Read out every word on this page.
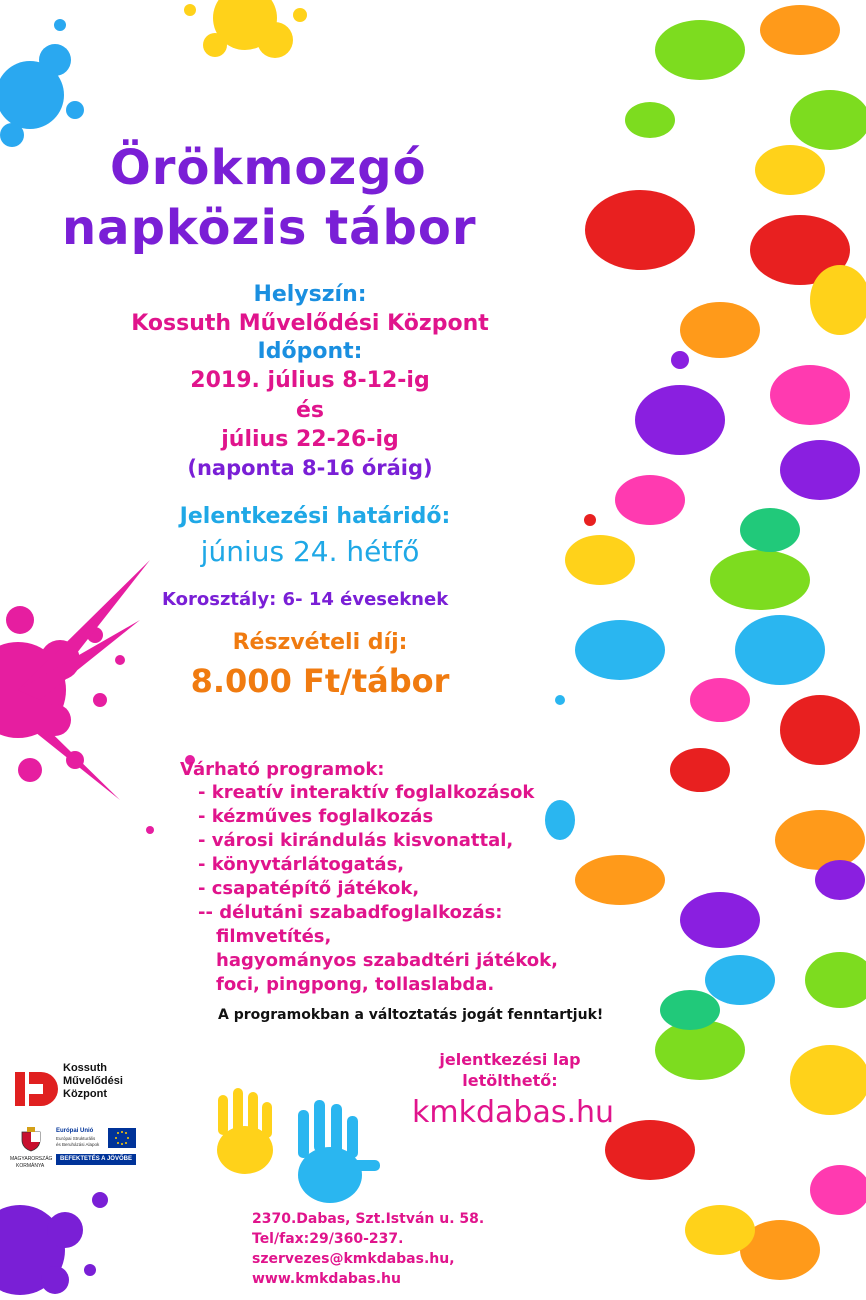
Örökmozgó
napközis tábor
Helyszín:
Kossuth Művelődési Központ
Időpont:
2019. július 8-12-ig
és
július 22-26-ig
(naponta 8-16 óráig)
Jelentkezési határidő:
június 24. hétfő
Korosztály: 6- 14 éveseknek
Részvételi díj:
8.000 Ft/tábor
Várható programok:
- kreatív interaktív foglalkozások
- kézműves foglalkozás
- városi kirándulás kisvonattal,
- könyvtárlátogatás,
- csapatépítő játékok,
-- délutáni szabadfoglalkozás:
filmvetítés,
hagyományos szabadtéri játékok,
foci, pingpong, tollaslabda.
A programokban a változtatás jogát fenntartjuk!
jelentkezési lap
letölthető:
kmkdabas.hu
2370.Dabas, Szt.István u. 58.
Tel/fax:29/360-237.
szervezes@kmkdabas.hu,
www.kmkdabas.hu
Kossuth
Művelődési
Központ
MAGYARORSZÁG
KORMÁNYA
Európai Unió
Európai Strukturális
és Beruházási Alapok
BEFEKTETÉS A JÖVŐBE
